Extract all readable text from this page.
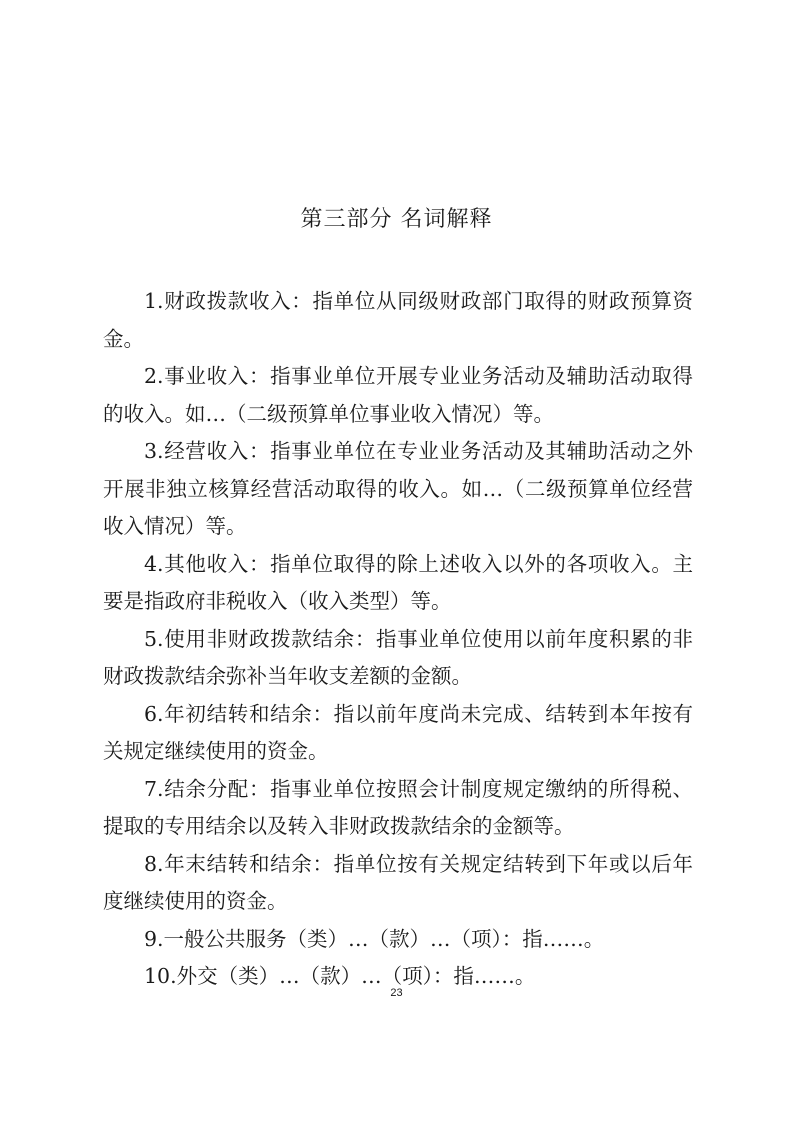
第三部分 名词解释

1.财政拨款收入：指单位从同级财政部门取得的财政预算资金。

2.事业收入：指事业单位开展专业业务活动及辅助活动取得的收入。如…（二级预算单位事业收入情况）等。

3.经营收入：指事业单位在专业业务活动及其辅助活动之外开展非独立核算经营活动取得的收入。如…（二级预算单位经营收入情况）等。

4.其他收入：指单位取得的除上述收入以外的各项收入。主要是指政府非税收入（收入类型）等。

5.使用非财政拨款结余：指事业单位使用以前年度积累的非财政拨款结余弥补当年收支差额的金额。

6.年初结转和结余：指以前年度尚未完成、结转到本年按有关规定继续使用的资金。

7.结余分配：指事业单位按照会计制度规定缴纳的所得税、提取的专用结余以及转入非财政拨款结余的金额等。

8.年末结转和结余：指单位按有关规定结转到下年或以后年度继续使用的资金。

9.一般公共服务（类）…（款）…（项）：指……。

10.外交（类）…（款）…（项）：指……。

23
